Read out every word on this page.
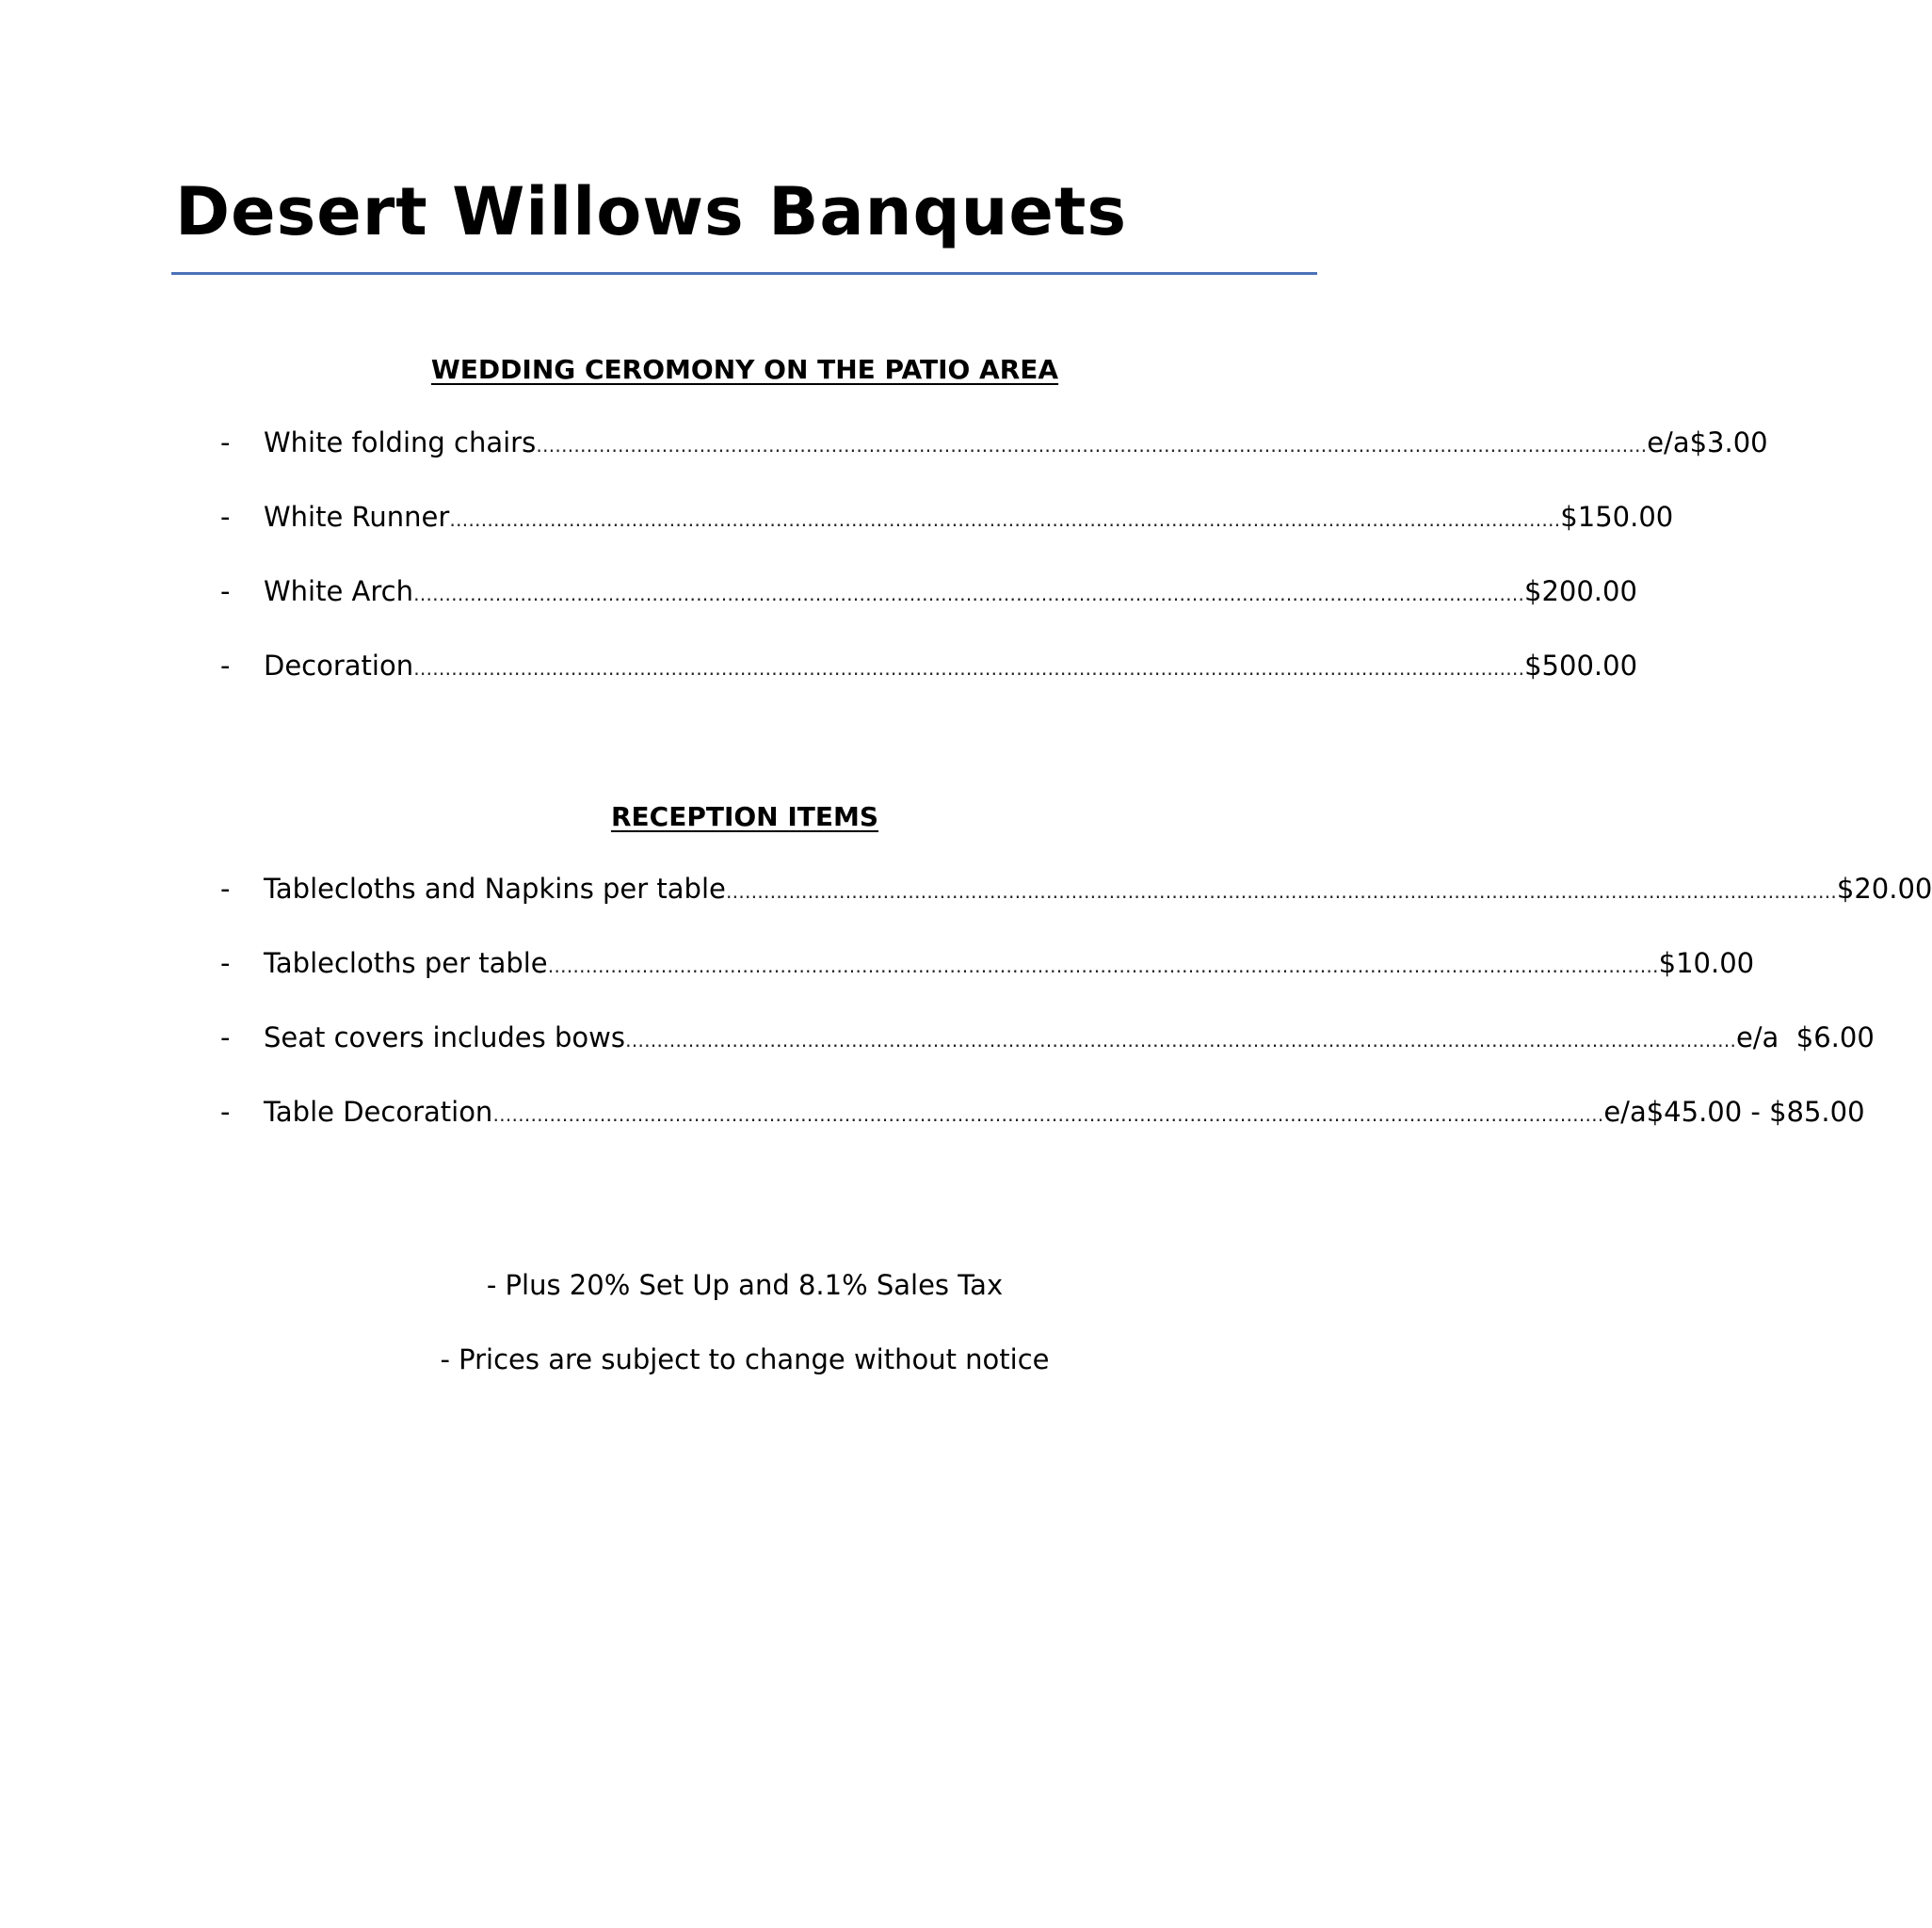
Desert Willows Banquets
WEDDING CEROMONY ON THE PATIO AREA
- White folding chairs …………………………………………………………………………………………………………………………………………………………… e/a$3.00
- White Runner …………………………………………………………………………………………………………………………………………………………… $150.00
- White Arch …………………………………………………………………………………………………………………………………………………………… $200.00
- Decoration …………………………………………………………………………………………………………………………………………………………… $500.00
RECEPTION ITEMS
- Tablecloths and Napkins per table …………………………………………………………………………………………………………………………………………………………… $20.00
- Tablecloths per table …………………………………………………………………………………………………………………………………………………………… $10.00
- Seat covers includes bows …………………………………………………………………………………………………………………………………………………………… e/a  $6.00
- Table Decoration …………………………………………………………………………………………………………………………………………………………… e/a$45.00 - $85.00
- Plus 20% Set Up and 8.1% Sales Tax
- Prices are subject to change without notice
